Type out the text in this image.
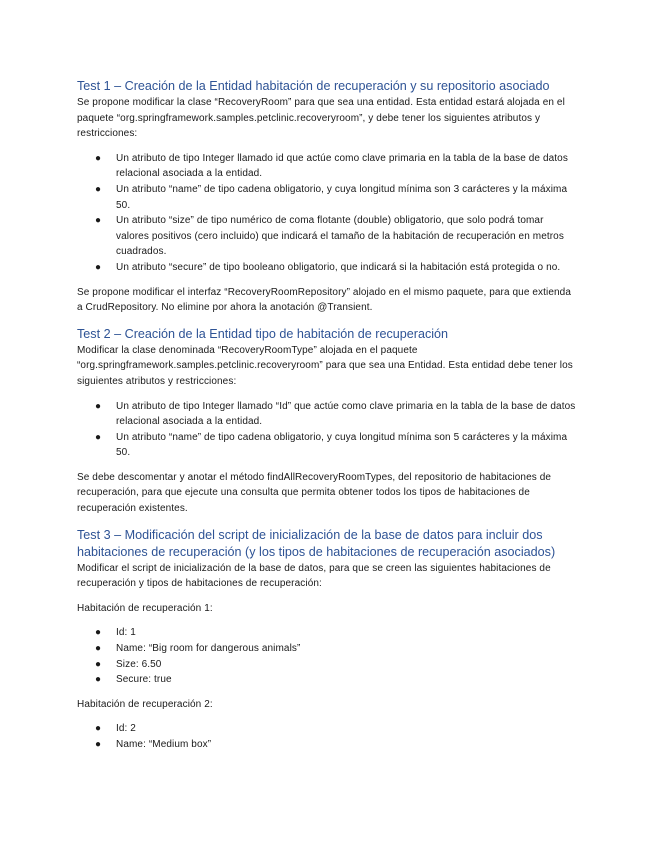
Test 1 – Creación de la Entidad habitación de recuperación y su repositorio asociado

Se propone modificar la clase “RecoveryRoom” para que sea una entidad. Esta entidad estará alojada en el paquete “org.springframework.samples.petclinic.recoveryroom”, y debe tener los siguientes atributos y restricciones:

● Un atributo de tipo Integer llamado id que actúe como clave primaria en la tabla de la base de datos relacional asociada a la entidad.
● Un atributo “name” de tipo cadena obligatorio, y cuya longitud mínima son 3 carácteres y la máxima 50.
● Un atributo “size” de tipo numérico de coma flotante (double) obligatorio, que solo podrá tomar valores positivos (cero incluido) que indicará el tamaño de la habitación de recuperación en metros cuadrados.
● Un atributo “secure” de tipo booleano obligatorio, que indicará si la habitación está protegida o no.

Se propone modificar el interfaz “RecoveryRoomRepository” alojado en el mismo paquete, para que extienda a CrudRepository. No elimine por ahora la anotación @Transient.

Test 2 – Creación de la Entidad tipo de habitación de recuperación

Modificar la clase denominada “RecoveryRoomType” alojada en el paquete “org.springframework.samples.petclinic.recoveryroom” para que sea una Entidad. Esta entidad debe tener los siguientes atributos y restricciones:

● Un atributo de tipo Integer llamado “Id” que actúe como clave primaria en la tabla de la base de datos relacional asociada a la entidad.
● Un atributo “name” de tipo cadena obligatorio, y cuya longitud mínima son 5 carácteres y la máxima 50.

Se debe descomentar y anotar el método findAllRecoveryRoomTypes, del repositorio de habitaciones de recuperación, para que ejecute una consulta que permita obtener todos los tipos de habitaciones de recuperación existentes.

Test 3 – Modificación del script de inicialización de la base de datos para incluir dos habitaciones de recuperación (y los tipos de habitaciones de recuperación asociados)

Modificar el script de inicialización de la base de datos, para que se creen las siguientes habitaciones de recuperación y tipos de habitaciones de recuperación:

Habitación de recuperación 1:

● Id: 1
● Name: “Big room for dangerous animals”
● Size: 6.50
● Secure: true

Habitación de recuperación 2:

● Id: 2
● Name: “Medium box”
